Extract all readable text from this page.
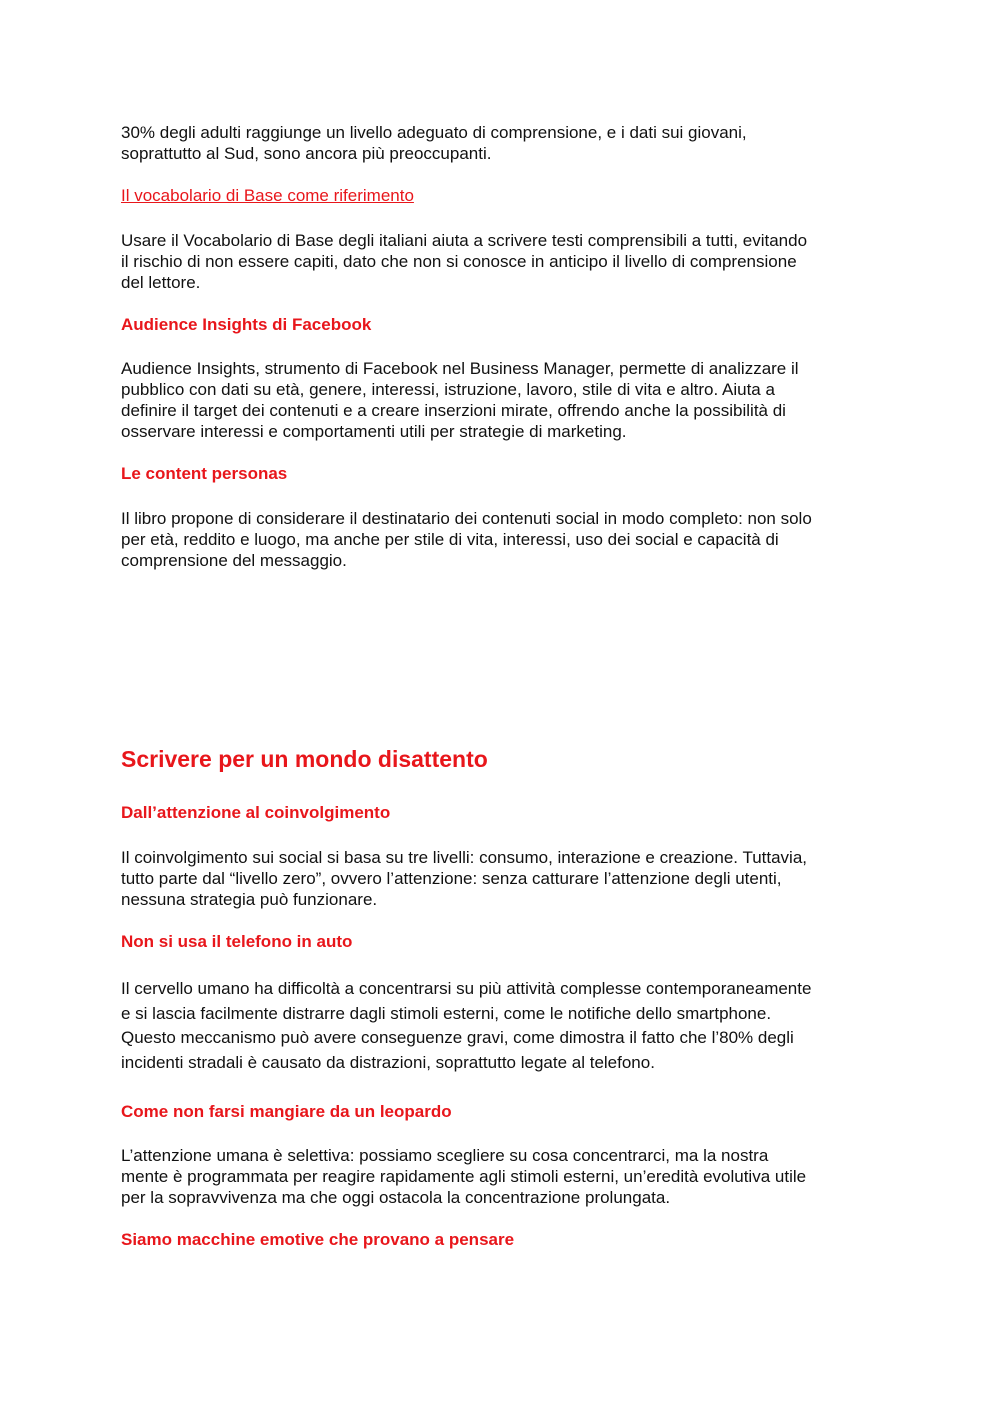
30% degli adulti raggiunge un livello adeguato di comprensione, e i dati sui giovani,
soprattutto al Sud, sono ancora più preoccupanti.

Il vocabolario di Base come riferimento

Usare il Vocabolario di Base degli italiani aiuta a scrivere testi comprensibili a tutti, evitando
il rischio di non essere capiti, dato che non si conosce in anticipo il livello di comprensione
del lettore.

Audience Insights di Facebook

Audience Insights, strumento di Facebook nel Business Manager, permette di analizzare il
pubblico con dati su età, genere, interessi, istruzione, lavoro, stile di vita e altro. Aiuta a
definire il target dei contenuti e a creare inserzioni mirate, offrendo anche la possibilità di
osservare interessi e comportamenti utili per strategie di marketing.

Le content personas

Il libro propone di considerare il destinatario dei contenuti social in modo completo: non solo
per età, reddito e luogo, ma anche per stile di vita, interessi, uso dei social e capacità di
comprensione del messaggio.

Scrivere per un mondo disattento
Dall’attenzione al coinvolgimento

Il coinvolgimento sui social si basa su tre livelli: consumo, interazione e creazione. Tuttavia,
tutto parte dal “livello zero”, ovvero l’attenzione: senza catturare l’attenzione degli utenti,
nessuna strategia può funzionare.

Non si usa il telefono in auto

Il cervello umano ha difficoltà a concentrarsi su più attività complesse contemporaneamente
e si lascia facilmente distrarre dagli stimoli esterni, come le notifiche dello smartphone.
Questo meccanismo può avere conseguenze gravi, come dimostra il fatto che l’80% degli
incidenti stradali è causato da distrazioni, soprattutto legate al telefono.

Come non farsi mangiare da un leopardo

L’attenzione umana è selettiva: possiamo scegliere su cosa concentrarci, ma la nostra
mente è programmata per reagire rapidamente agli stimoli esterni, un’eredità evolutiva utile
per la sopravvivenza ma che oggi ostacola la concentrazione prolungata.

Siamo macchine emotive che provano a pensare
